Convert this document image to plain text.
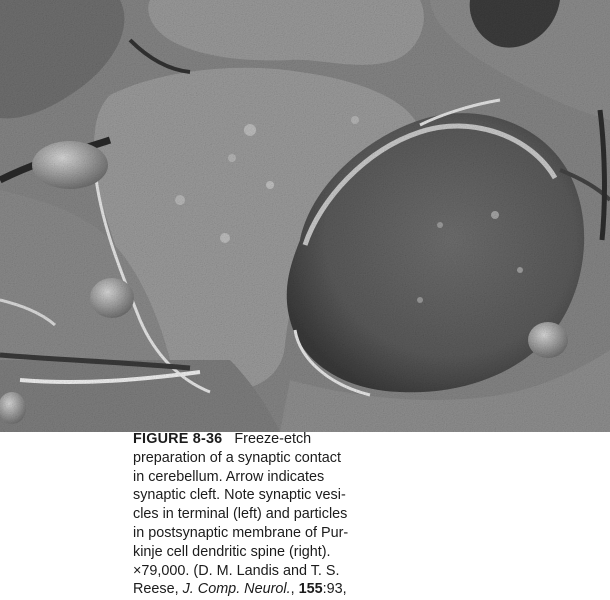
FIGURE 8-36 Freeze-etch
preparation of a synaptic contact
in cerebellum. Arrow indicates
synaptic cleft. Note synaptic vesi-
cles in terminal (left) and particles
in postsynaptic membrane of Pur-
kinje cell dendritic spine (right).
×79,000. (D. M. Landis and T. S.
Reese, J. Comp. Neurol., 155:93,
